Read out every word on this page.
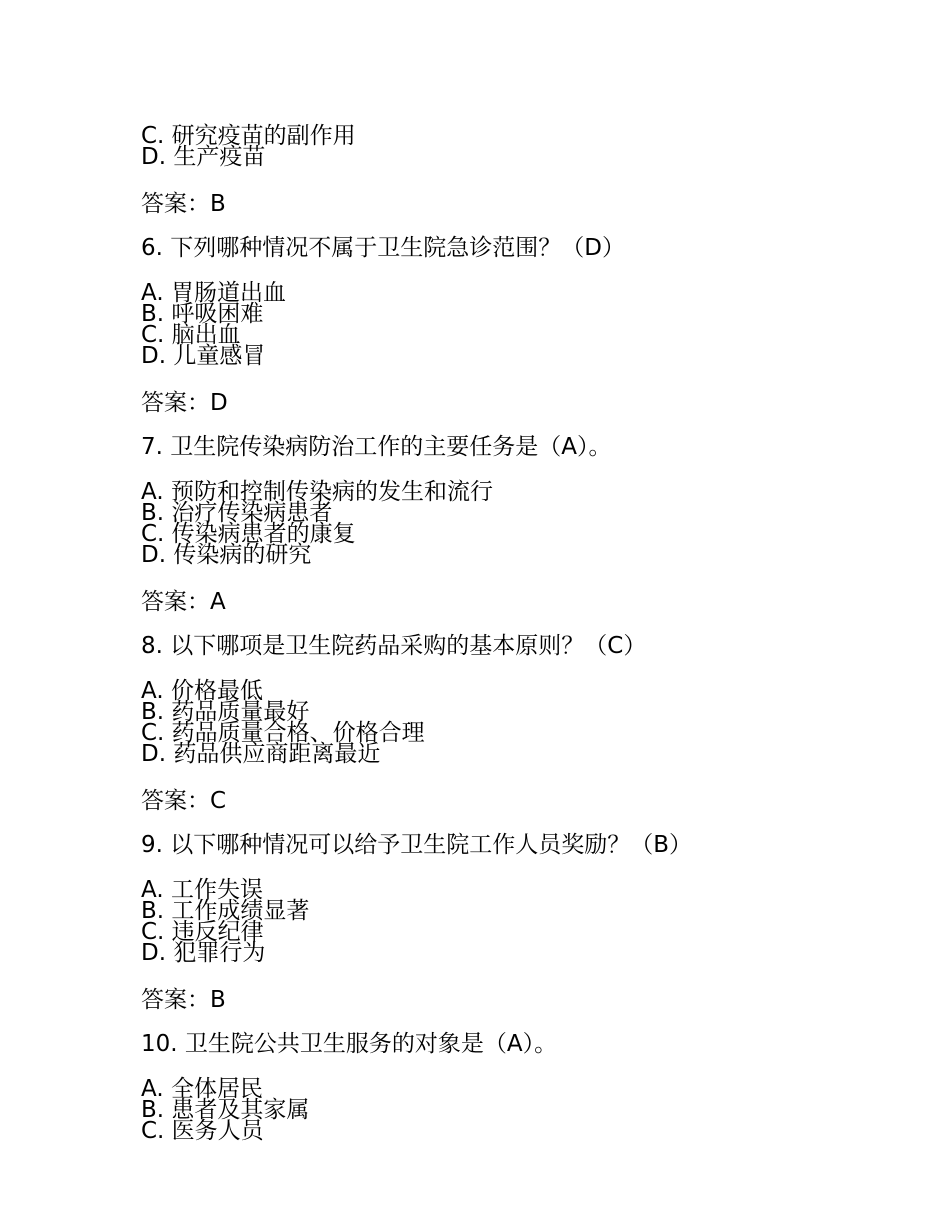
C. 研究疫苗的副作用
D. 生产疫苗
答案：B
6. 下列哪种情况不属于卫生院急诊范围？（D）
A. 胃肠道出血
B. 呼吸困难
C. 脑出血
D. 儿童感冒
答案：D
7. 卫生院传染病防治工作的主要任务是（A）。
A. 预防和控制传染病的发生和流行
B. 治疗传染病患者
C. 传染病患者的康复
D. 传染病的研究
答案：A
8. 以下哪项是卫生院药品采购的基本原则？（C）
A. 价格最低
B. 药品质量最好
C. 药品质量合格、价格合理
D. 药品供应商距离最近
答案：C
9. 以下哪种情况可以给予卫生院工作人员奖励？（B）
A. 工作失误
B. 工作成绩显著
C. 违反纪律
D. 犯罪行为
答案：B
10. 卫生院公共卫生服务的对象是（A）。
A. 全体居民
B. 患者及其家属
C. 医务人员
